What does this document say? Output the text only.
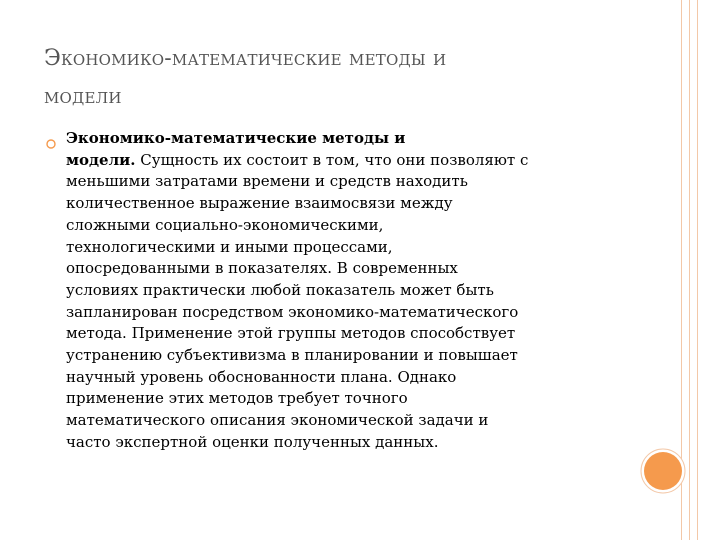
Экономико-математические методы и
модели
Экономико-математические методы и
модели. Сущность их состоит в том, что они позволяют с
меньшими затратами времени и средств находить
количественное выражение взаимосвязи между
сложными социально-экономическими,
технологическими и иными процессами,
опосредованными в показателях. В современных
условиях практически любой показатель может быть
запланирован посредством экономико-математического
метода. Применение этой группы методов способствует
устранению субъективизма в планировании и повышает
научный уровень обоснованности плана. Однако
применение этих методов требует точного
математического описания экономической задачи и
часто экспертной оценки полученных данных.
